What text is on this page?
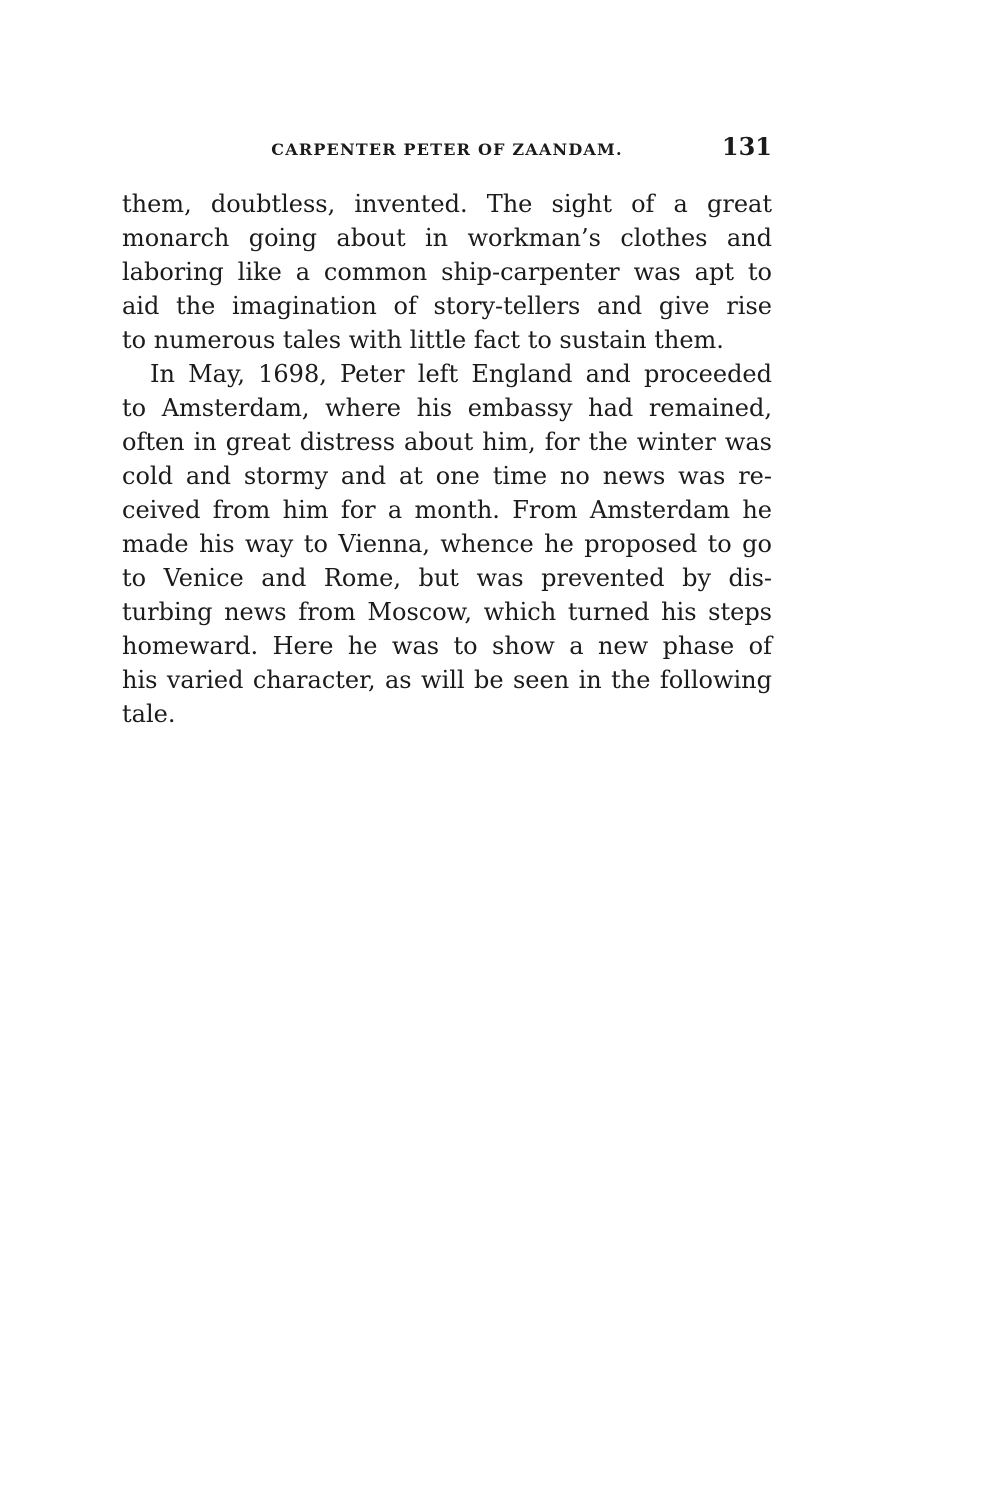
CARPENTER PETER OF ZAANDAM.	131
them, doubtless, invented. The sight of a great
monarch going about in workman’s clothes and
laboring like a common ship-carpenter was apt to
aid the imagination of story-tellers and give rise
to numerous tales with little fact to sustain them.
In May, 1698, Peter left England and proceeded
to Amsterdam, where his embassy had remained,
often in great distress about him, for the winter was
cold and stormy and at one time no news was re-
ceived from him for a month. From Amsterdam he
made his way to Vienna, whence he proposed to go
to Venice and Rome, but was prevented by dis-
turbing news from Moscow, which turned his steps
homeward. Here he was to show a new phase of
his varied character, as will be seen in the following
tale.
